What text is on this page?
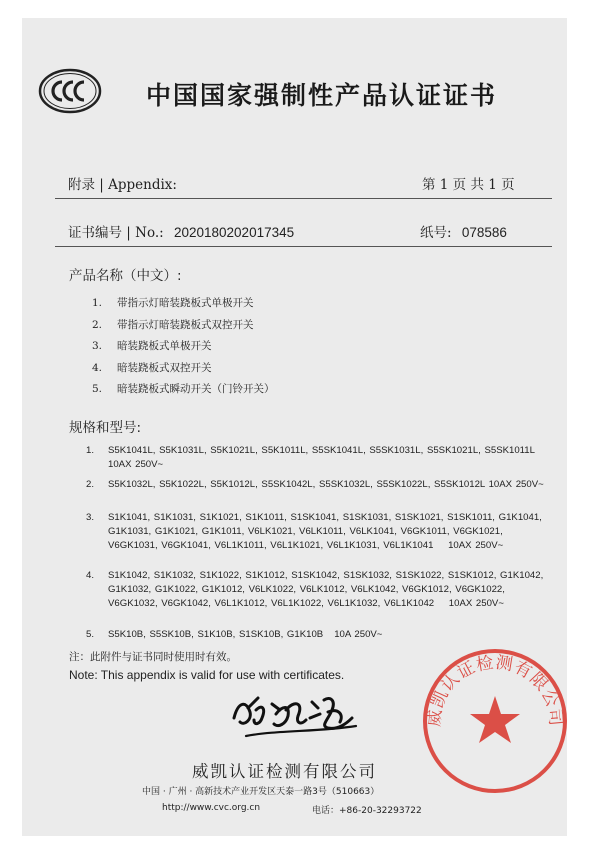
中国国家强制性产品认证证书
附录 | Appendix:	第 1 页 共 1 页
证书编号 | No.: 2020180202017345	纸号: 078586
产品名称（中文）:
1. 带指示灯暗装跷板式单极开关
2. 带指示灯暗装跷板式双控开关
3. 暗装跷板式单极开关
4. 暗装跷板式双控开关
5. 暗装跷板式瞬动开关（门铃开关）
规格和型号:
1.	S5K1041L, S5K1031L, S5K1021L, S5K1011L, S5SK1041L, S5SK1031L, S5SK1021L, S5SK1011L    10AX 250V~
2.	S5K1032L, S5K1022L, S5K1012L, S5SK1042L, S5SK1032L, S5SK1022L, S5SK1012L 10AX 250V~
3.	S1K1041, S1K1031, S1K1021, S1K1011, S1SK1041, S1SK1031, S1SK1021, S1SK1011, G1K1041, G1K1031, G1K1021, G1K1011, V6LK1021, V6LK1011, V6LK1041, V6GK1011, V6GK1021, V6GK1031, V6GK1041, V6L1K1011, V6L1K1021, V6L1K1031, V6L1K1041    10AX 250V~
4.	S1K1042, S1K1032, S1K1022, S1K1012, S1SK1042, S1SK1032, S1SK1022, S1SK1012, G1K1042, G1K1032, G1K1022, G1K1012, V6LK1022, V6LK1012, V6LK1042, V6GK1012, V6GK1022, V6GK1032, V6GK1042, V6L1K1012, V6L1K1022, V6L1K1032, V6L1K1042    10AX 250V~
5.	S5K10B, S5SK10B, S1K10B, S1SK10B, G1K10B   10A 250V~
注：此附件与证书同时使用时有效。
Note: This appendix is valid for use with certificates.
威凯认证检测有限公司
中国 · 广州 · 高新技术产业开发区天泰一路3号（510663）
http://www.cvc.org.cn	电话：+86-20-32293722
威凯认证检测有限公司
